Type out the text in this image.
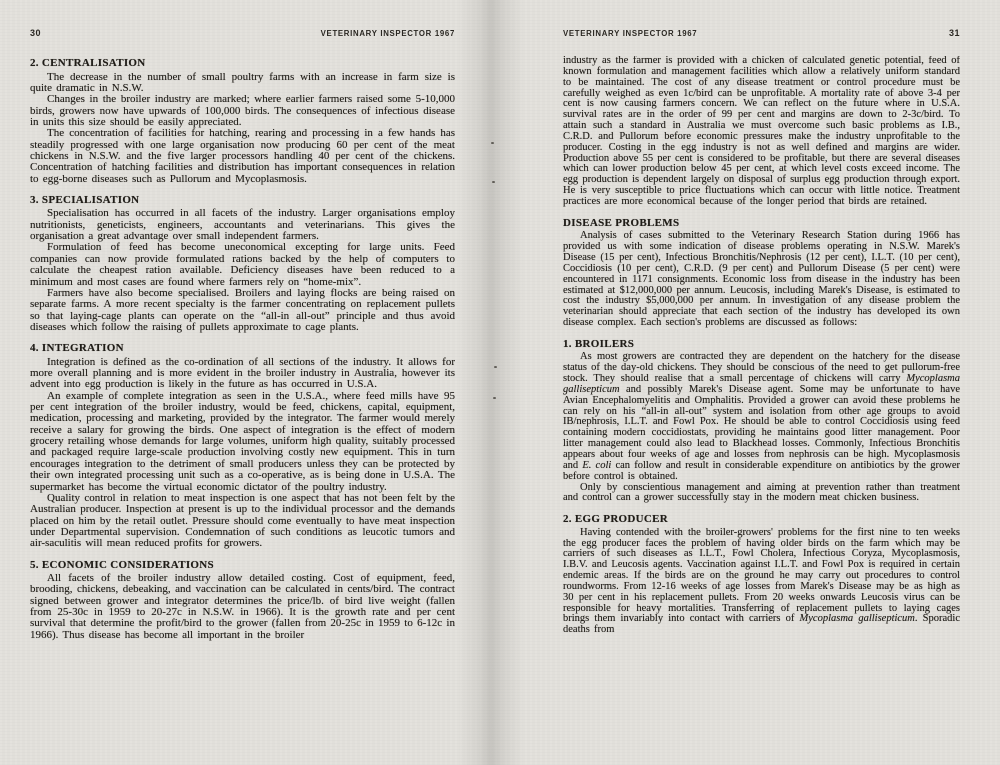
30	VETERINARY INSPECTOR 1967
2. CENTRALISATION
The decrease in the number of small poultry farms with an increase in farm size is quite dramatic in N.S.W.
Changes in the broiler industry are marked; where earlier farmers raised some 5-10,000 birds, growers now have upwards of 100,000 birds. The consequences of infectious disease in units this size should be easily appreciated.
The concentration of facilities for hatching, rearing and processing in a few hands has steadily progressed with one large organisation now producing 60 per cent of the meat chickens in N.S.W. and the five larger processors handling 40 per cent of the chickens. Concentration of hatching facilities and distribution has important consequences in relation to egg-borne diseases such as Pullorum and Mycoplasmosis.
3. SPECIALISATION
Specialisation has occurred in all facets of the industry. Larger organisations employ nutritionists, geneticists, engineers, accountants and veterinarians. This gives the organisation a great advantage over small independent farmers.
Formulation of feed has become uneconomical excepting for large units. Feed companies can now provide formulated rations backed by the help of computers to calculate the cheapest ration available. Deficiency diseases have been reduced to a minimum and most cases are found where farmers rely on “home-mix”.
Farmers have also become specialised. Broilers and laying flocks are being raised on separate farms. A more recent specialty is the farmer concentrating on replacement pullets so that laying-cage plants can operate on the “all-in all-out” principle and thus avoid diseases which follow the raising of pullets approximate to cage plants.
4. INTEGRATION
Integration is defined as the co-ordination of all sections of the industry. It allows for more overall planning and is more evident in the broiler industry in Australia, however its advent into egg production is likely in the future as has occurred in U.S.A.
An example of complete integration as seen in the U.S.A., where feed mills have 95 per cent integration of the broiler industry, would be feed, chickens, capital, equipment, medication, processing and marketing, provided by the integrator. The farmer would merely receive a salary for growing the birds. One aspect of integration is the effect of modern grocery retailing whose demands for large volumes, uniform high quality, suitably processed and packaged require large-scale production involving costly new equipment. This in turn encourages integration to the detriment of small producers unless they can be protected by their own integrated processing unit such as a co-operative, as is being done in U.S.A. The supermarket has become the virtual economic dictator of the poultry industry.
Quality control in relation to meat inspection is one aspect that has not been felt by the Australian producer. Inspection at present is up to the individual processor and the demands placed on him by the retail outlet. Pressure should come eventually to have meat inspection under Departmental supervision. Condemnation of such conditions as leucotic tumors and air-saculitis will mean reduced profits for growers.
5. ECONOMIC CONSIDERATIONS
All facets of the broiler industry allow detailed costing. Cost of equipment, feed, brooding, chickens, debeaking, and vaccination can be calculated in cents/bird. The contract signed between grower and integrator determines the price/lb. of bird live weight (fallen from 25-30c in 1959 to 20-27c in N.S.W. in 1966). It is the growth rate and per cent survival that determine the profit/bird to the grower (fallen from 20-25c in 1959 to 6-12c in 1966). Thus disease has become all important in the broiler
VETERINARY INSPECTOR 1967	31
industry as the farmer is provided with a chicken of calculated genetic potential, feed of known formulation and management facilities which allow a relatively uniform standard to be maintained. The cost of any disease treatment or control procedure must be carefully weighed as even 1c/bird can be unprofitable. A mortality rate of above 3-4 per cent is now causing farmers concern. We can reflect on the future where in U.S.A. survival rates are in the order of 99 per cent and margins are down to 2-3c/bird. To attain such a standard in Australia we must overcome such basic problems as I.B., C.R.D. and Pullorum before economic pressures make the industry unprofitable to the producer. Costing in the egg industry is not as well defined and margins are wider. Production above 55 per cent is considered to be profitable, but there are several diseases which can lower production below 45 per cent, at which level costs exceed income. The egg production is dependent largely on disposal of surplus egg production through export. He is very susceptible to price fluctuations which can occur with little notice. Treatment practices are more economical because of the longer period that birds are retained.
DISEASE PROBLEMS
Analysis of cases submitted to the Veterinary Research Station during 1966 has provided us with some indication of disease problems operating in N.S.W. Marek's Disease (15 per cent), Infectious Bronchitis/Nephrosis (12 per cent), I.L.T. (10 per cent), Coccidiosis (10 per cent), C.R.D. (9 per cent) and Pullorum Disease (5 per cent) were encountered in 1171 consignments. Economic loss from disease in the industry has been estimated at $12,000,000 per annum. Leucosis, including Marek's Disease, is estimated to cost the industry $5,000,000 per annum. In investigation of any disease problem the veterinarian should appreciate that each section of the industry has developed its own disease complex. Each section's problems are discussed as follows:
1. BROILERS
As most growers are contracted they are dependent on the hatchery for the disease status of the day-old chickens. They should be conscious of the need to get pullorum-free stock. They should realise that a small percentage of chickens will carry Mycoplasma gallisepticum and possibly Marek's Disease agent. Some may be unfortunate to have Avian Encephalomyelitis and Omphalitis. Provided a grower can avoid these problems he can rely on his “all-in all-out” system and isolation from other age groups to avoid IB/nephrosis, I.L.T. and Fowl Pox. He should be able to control Coccidiosis using feed containing modern coccidiostats, providing he maintains good litter management. Poor litter management could also lead to Blackhead losses. Commonly, Infectious Bronchitis appears about four weeks of age and losses from nephrosis can be high. Mycoplasmosis and E. coli can follow and result in considerable expenditure on antibiotics by the grower before control is obtained.
Only by conscientious management and aiming at prevention rather than treatment and control can a grower successfully stay in the modern meat chicken business.
2. EGG PRODUCER
Having contended with the broiler-growers' problems for the first nine to ten weeks the egg producer faces the problem of having older birds on the farm which may be carriers of such diseases as I.L.T., Fowl Cholera, Infectious Coryza, Mycoplasmosis, I.B.V. and Leucosis agents. Vaccination against I.L.T. and Fowl Pox is required in certain endemic areas. If the birds are on the ground he may carry out procedures to control roundworms. From 12-16 weeks of age losses from Marek's Disease may be as high as 30 per cent in his replacement pullets. From 20 weeks onwards Leucosis virus can be responsible for heavy mortalities. Transferring of replacement pullets to laying cages brings them invariably into contact with carriers of Mycoplasma gallisepticum. Sporadic deaths from
